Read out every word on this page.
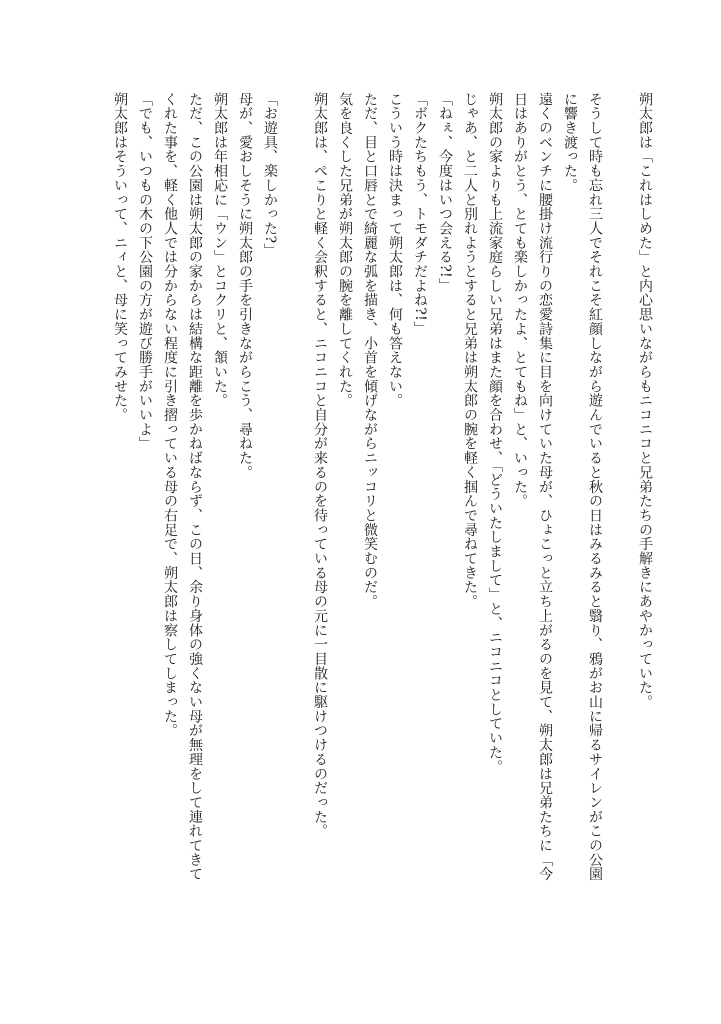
朔太郎は「これはしめた」と内心思いながらもニコニコと兄弟たちの手解きにあやかっていた。
そうして時も忘れ三人でそれこそ紅顔しながら遊んでいると秋の日はみるみると翳り、鴉がお山に帰るサイレンがこの公園
に響き渡った。
遠くのベンチに腰掛け流行りの恋愛詩集に目を向けていた母が、ひょこっと立ち上がるのを見て、朔太郎は兄弟たちに「今
日はありがとう、とても楽しかったよ、とてもね」と、いった。
朔太郎の家よりも上流家庭らしい兄弟はまた顔を合わせ、「どういたしまして」と、ニコニコとしていた。
じゃあ、と二人と別れようとすると兄弟は朔太郎の腕を軽く掴んで尋ねてきた。
「ねぇ、今度はいつ会える?!」
「ボクたちもう、トモダチだよね?!」
こういう時は決まって朔太郎は、何も答えない。
ただ、目と口唇とで綺麗な弧を描き、小首を傾げながらニッコリと微笑むのだ。
気を良くした兄弟が朔太郎の腕を離してくれた。
朔太郎は、ぺこりと軽く会釈すると、ニコニコと自分が来るのを待っている母の元に一目散に駆けつけるのだった。
「お遊具、楽しかった?」
母が、愛おしそうに朔太郎の手を引きながらこう、尋ねた。
朔太郎は年相応に「ウン」とコクリと、頷いた。
ただ、この公園は朔太郎の家からは結構な距離を歩かねばならず、この日、余り身体の強くない母が無理をして連れてきて
くれた事を、軽く他人では分からない程度に引き摺っている母の右足で、朔太郎は察してしまった。
「でも、いつもの木の下公園の方が遊び勝手がいいよ」
朔太郎はそういって、ニィと、母に笑ってみせた。
